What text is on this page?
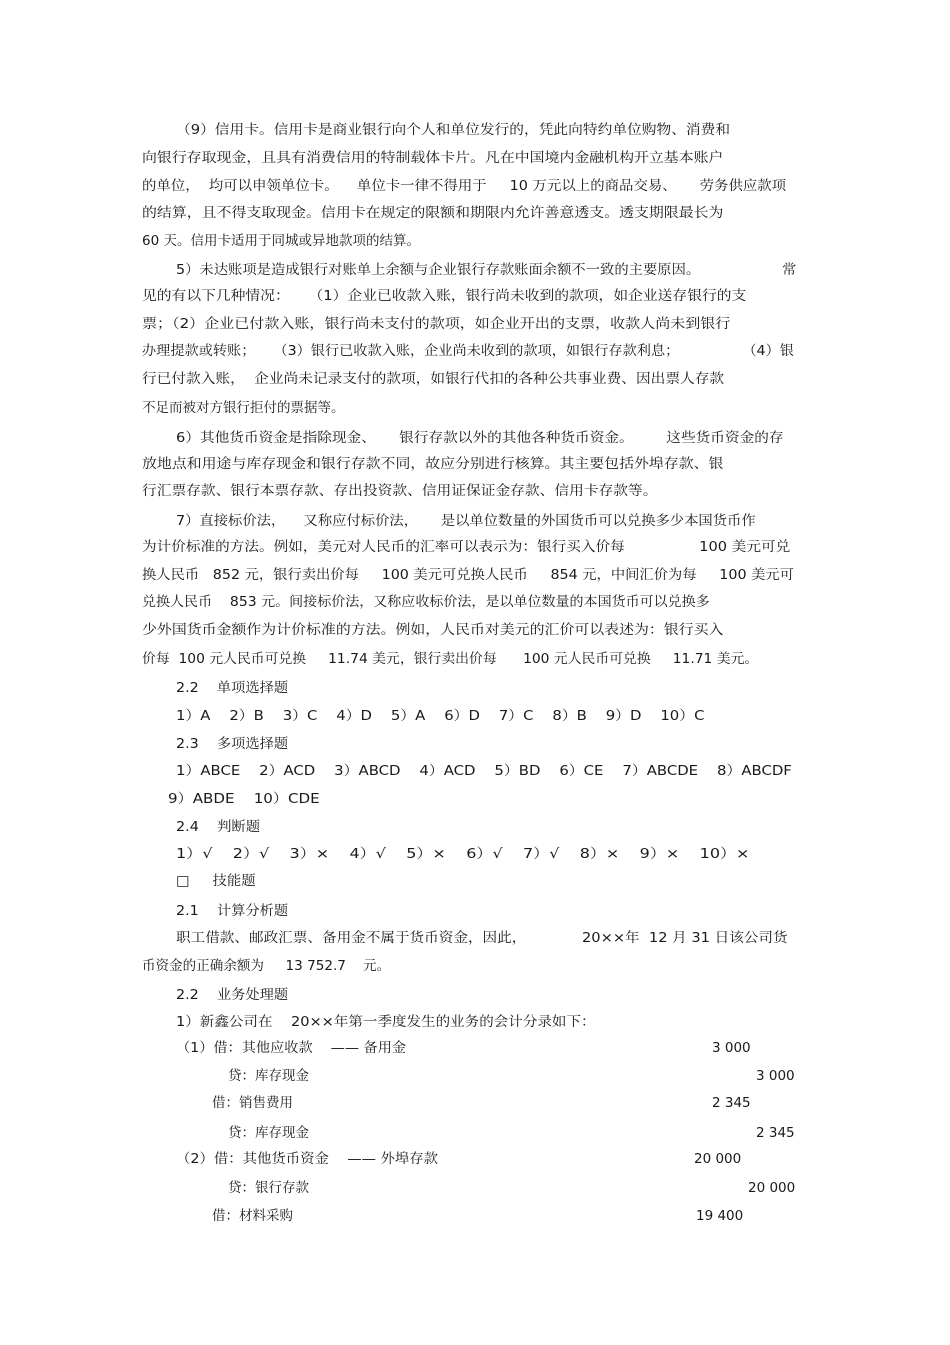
（9）信用卡。信用卡是商业银行向个人和单位发行的，凭此向特约单位购物、消费和
向银行存取现金，且具有消费信用的特制载体卡片。凡在中国境内金融机构开立基本账户
的单位，  均可以申领单位卡。    单位卡一律不得用于     10 万元以上的商品交易、     劳务供应款项
的结算，且不得支取现金。信用卡在规定的限额和期限内允许善意透支。透支期限最长为
60 天。信用卡适用于同城或异地款项的结算。
5）未达账项是造成银行对账单上余额与企业银行存款账面余额不一致的主要原因。                  常
见的有以下几种情况：    （1）企业已收款入账，银行尚未收到的款项，如企业送存银行的支
票；（2）企业已付款入账，银行尚未支付的款项，如企业开出的支票，收款人尚未到银行
办理提款或转账；    （3）银行已收款入账，企业尚未收到的款项，如银行存款利息；              （4）银
行已付款入账，  企业尚未记录支付的款项，如银行代扣的各种公共事业费、因出票人存款
不足而被对方银行拒付的票据等。
6）其他货币资金是指除现金、     银行存款以外的其他各种货币资金。       这些货币资金的存
放地点和用途与库存现金和银行存款不同，故应分别进行核算。其主要包括外埠存款、银
行汇票存款、银行本票存款、存出投资款、信用证保证金存款、信用卡存款等。
7）直接标价法，    又称应付标价法，     是以单位数量的外国货币可以兑换多少本国货币作
为计价标准的方法。例如，美元对人民币的汇率可以表示为：银行买入价每                100 美元可兑
换人民币   852 元，银行卖出价每     100 美元可兑换人民币     854 元，中间汇价为每     100 美元可
兑换人民币    853 元。间接标价法，又称应收标价法，是以单位数量的本国货币可以兑换多
少外国货币金额作为计价标准的方法。例如，人民币对美元的汇价可以表述为：银行买入
价每  100 元人民币可兑换     11.74 美元，银行卖出价每      100 元人民币可兑换     11.71 美元。
2.2    单项选择题
1）A    2）B    3）C    4）D    5）A    6）D    7）C    8）B    9）D    10）C
2.3    多项选择题
1）ABCE    2）ACD    3）ABCD    4）ACD    5）BD    6）CE    7）ABCDE    8）ABCDF
9）ABDE    10）CDE
2.4    判断题
1）√    2）√    3）×    4）√    5）×    6）√    7）√    8）×    9）×    10）×
□     技能题
2.1    计算分析题
职工借款、邮政汇票、备用金不属于货币资金，因此，            20××年  12 月 31 日该公司货
币资金的正确余额为     13 752.7    元。
2.2    业务处理题
1）新鑫公司在    20××年第一季度发生的业务的会计分录如下：
（1）借：其他应收款    —— 备用金	3 000
贷：库存现金	3 000
借：销售费用	2 345
贷：库存现金	2 345
（2）借：其他货币资金    —— 外埠存款	20 000
贷：银行存款	20 000
借：材料采购	19 400
